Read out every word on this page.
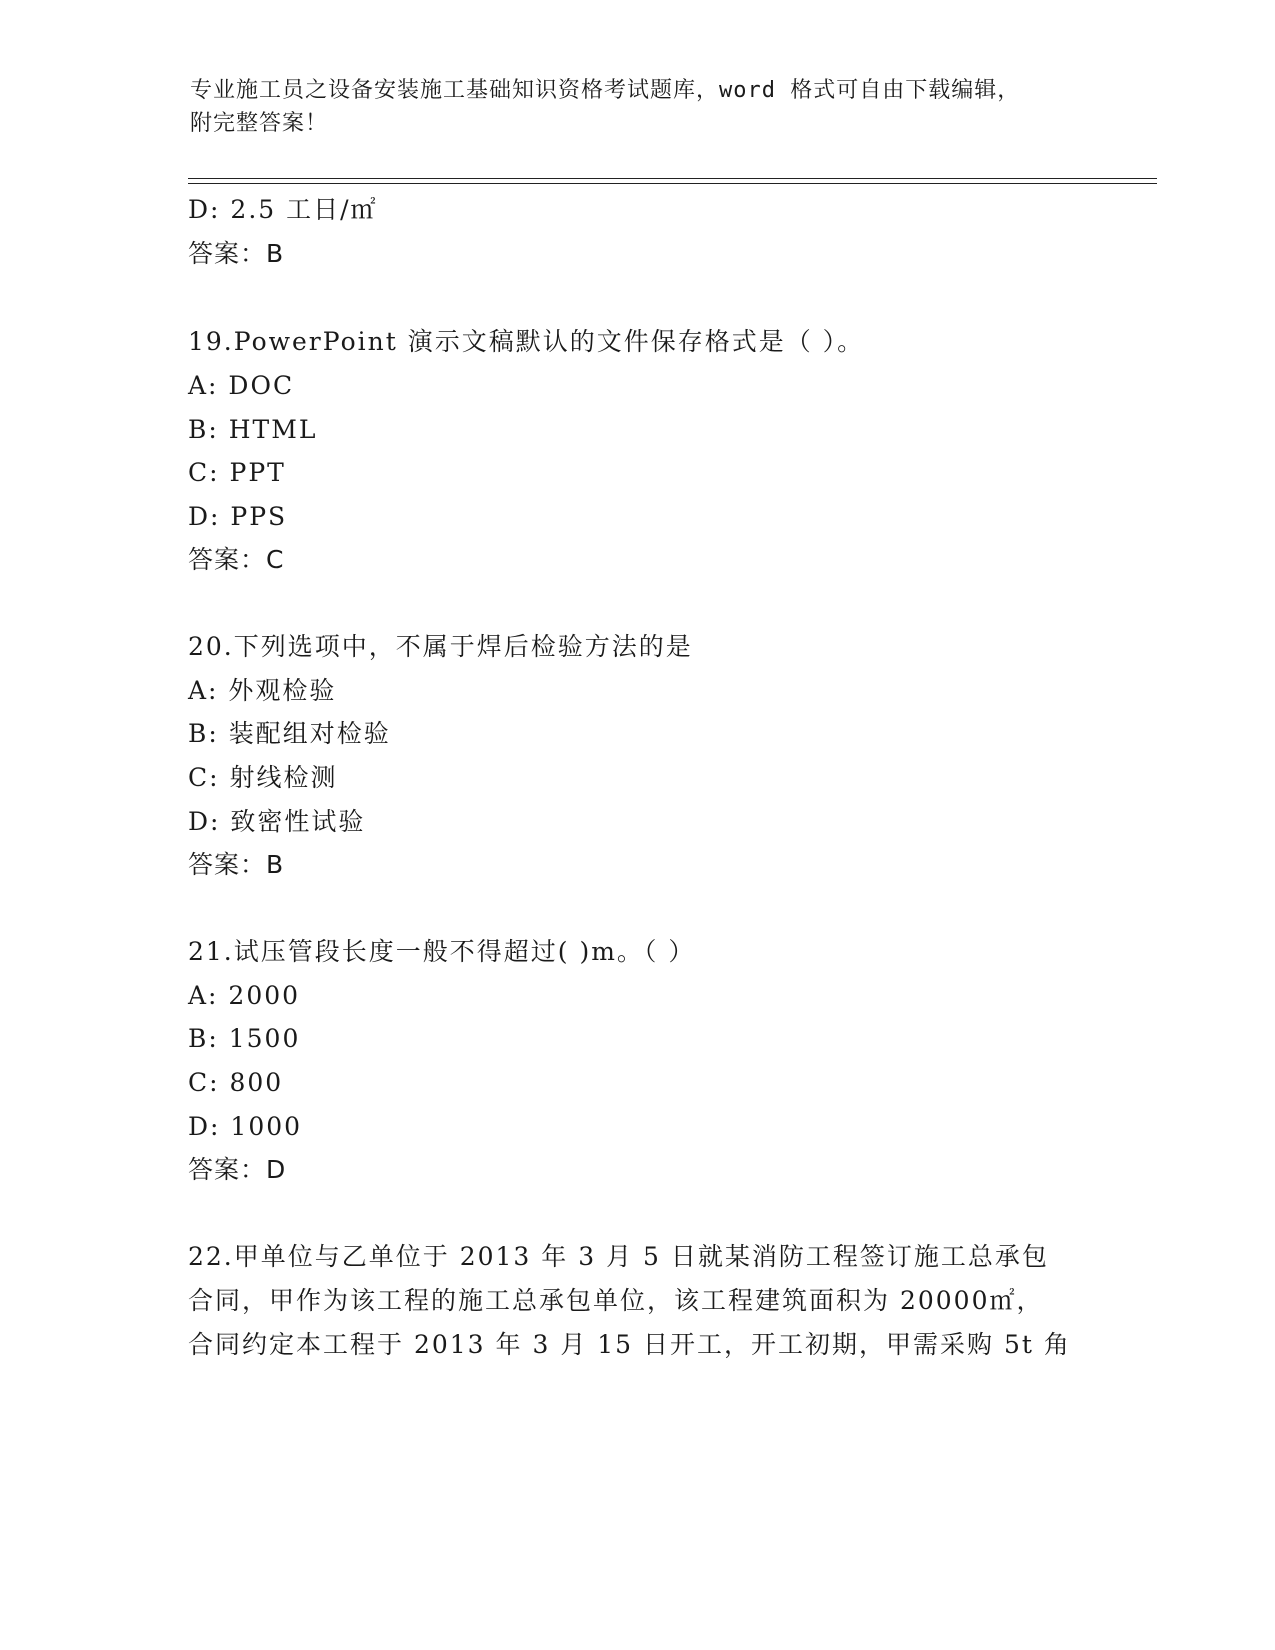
专业施工员之设备安装施工基础知识资格考试题库，word 格式可自由下载编辑，
附完整答案！
D: 2.5 工日/㎡
答案：B
19.PowerPoint 演示文稿默认的文件保存格式是（ ）。
A: DOC
B: HTML
C: PPT
D: PPS
答案：C
20.下列选项中，不属于焊后检验方法的是
A: 外观检验
B: 装配组对检验
C: 射线检测
D: 致密性试验
答案：B
21.试压管段长度一般不得超过( )m。（ ）
A: 2000
B: 1500
C: 800
D: 1000
答案：D
22.甲单位与乙单位于 2013 年 3 月 5 日就某消防工程签订施工总承包
合同，甲作为该工程的施工总承包单位，该工程建筑面积为 20000㎡，
合同约定本工程于 2013 年 3 月 15 日开工，开工初期，甲需采购 5t 角
